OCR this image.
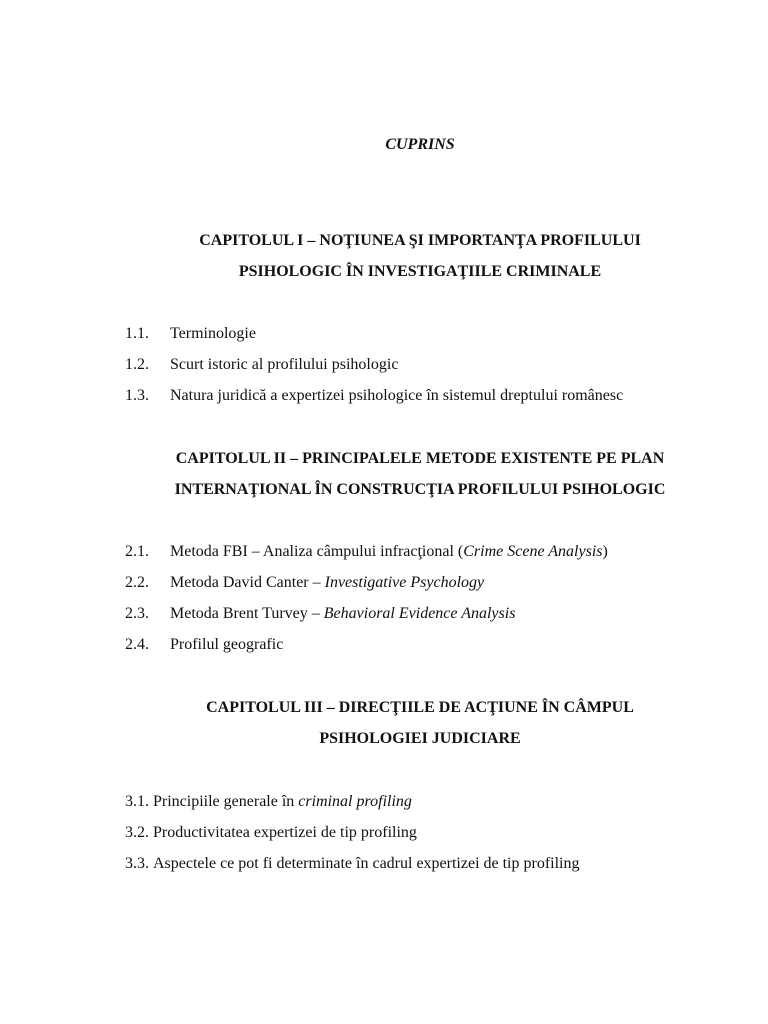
CUPRINS
CAPITOLUL I – NOŢIUNEA ŞI IMPORTANŢA PROFILULUI
PSIHOLOGIC ÎN INVESTIGAŢIILE CRIMINALE
1.1. Terminologie
1.2. Scurt istoric al profilului psihologic
1.3. Natura juridică a expertizei psihologice în sistemul dreptului românesc
CAPITOLUL II – PRINCIPALELE METODE EXISTENTE PE PLAN
INTERNAŢIONAL ÎN CONSTRUCŢIA PROFILULUI PSIHOLOGIC
2.1. Metoda FBI – Analiza câmpului infracţional (Crime Scene Analysis)
2.2. Metoda David Canter – Investigative Psychology
2.3. Metoda Brent Turvey – Behavioral Evidence Analysis
2.4. Profilul geografic
CAPITOLUL III – DIRECŢIILE DE ACŢIUNE ÎN CÂMPUL
PSIHOLOGIEI JUDICIARE
3.1. Principiile generale în criminal profiling
3.2. Productivitatea expertizei de tip profiling
3.3. Aspectele ce pot fi determinate în cadrul expertizei de tip profiling
